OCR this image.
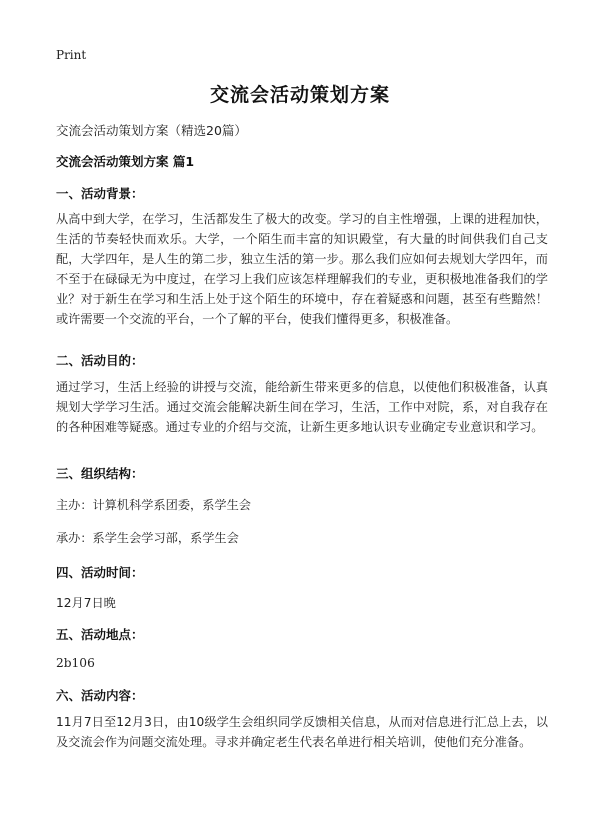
Print
交流会活动策划方案
交流会活动策划方案（精选20篇）
交流会活动策划方案 篇1
一、活动背景：
从高中到大学，在学习，生活都发生了极大的改变。学习的自主性增强，上课的进程加快，生活的节奏轻快而欢乐。大学，一个陌生而丰富的知识殿堂，有大量的时间供我们自己支配，大学四年，是人生的第二步，独立生活的第一步。那么我们应如何去规划大学四年，而不至于在碌碌无为中度过，在学习上我们应该怎样理解我们的专业，更积极地准备我们的学业？对于新生在学习和生活上处于这个陌生的环境中，存在着疑惑和问题，甚至有些黯然！或许需要一个交流的平台，一个了解的平台，使我们懂得更多，积极准备。
二、活动目的：
通过学习，生活上经验的讲授与交流，能给新生带来更多的信息，以使他们积极准备，认真规划大学学习生活。通过交流会能解决新生间在学习，生活，工作中对院，系，对自我存在的各种困难等疑惑。通过专业的介绍与交流，让新生更多地认识专业确定专业意识和学习。
三、组织结构：
主办：计算机科学系团委，系学生会
承办：系学生会学习部，系学生会
四、活动时间：
12月7日晚
五、活动地点：
2b106
六、活动内容：
11月7日至12月3日，由10级学生会组织同学反馈相关信息，从而对信息进行汇总上去，以及交流会作为问题交流处理。寻求并确定老生代表名单进行相关培训，使他们充分准备。
